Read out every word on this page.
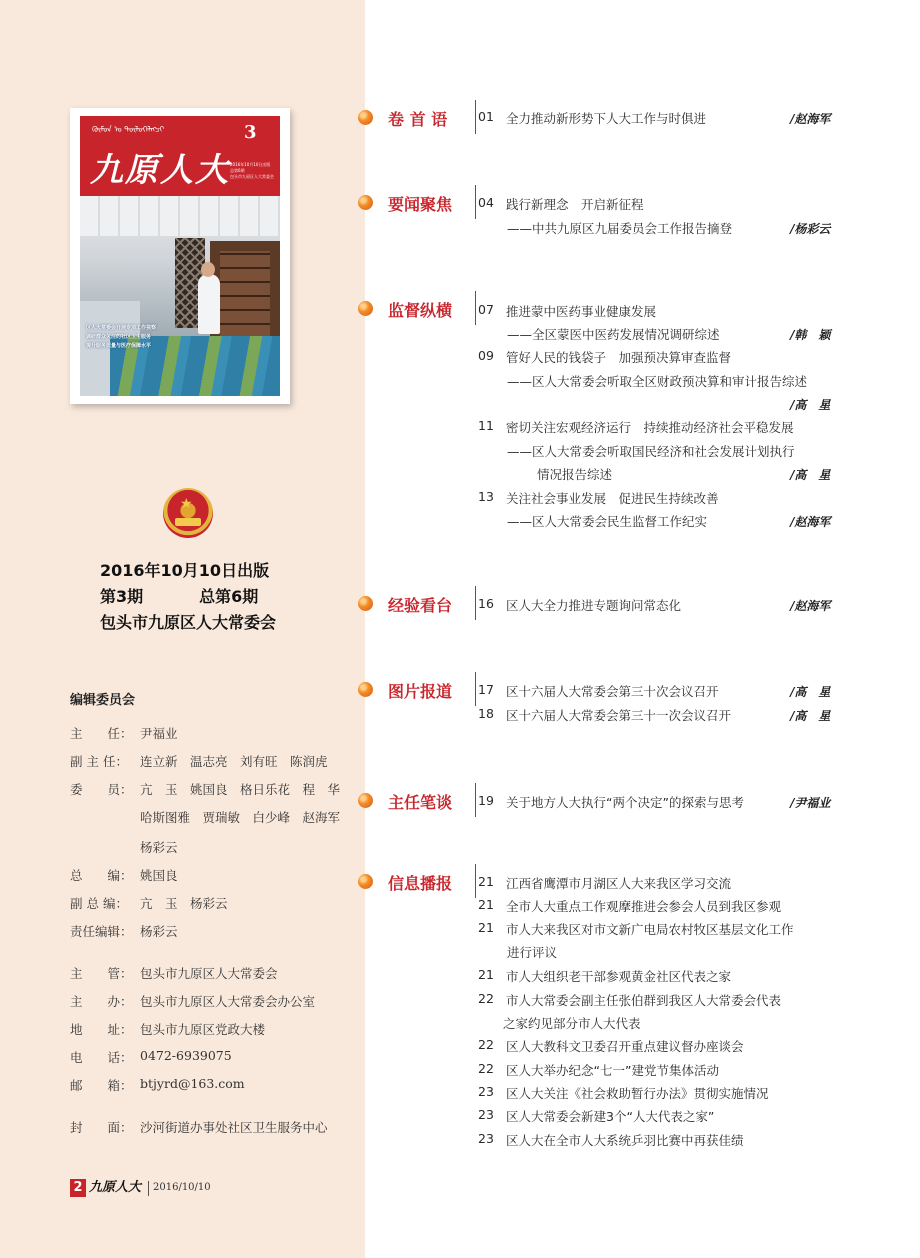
ᠬᠦᠮᠦᠨ ᠤ ᠲᠥᠯᠦᠭᠡᠯᠡᠭᠴᠢ
九原人大
3
2016年10月10日出版
总第6期
包头市九原区人大常委会
区人大常委会开展专项工作视察
调研群众关注的社区卫生服务
提升服务质量与医疗保障水平
★
2016年10月10日出版
第3期	总第6期
包头市九原区人大常委会
编辑委员会
主　　任： 尹福业
副 主 任： 连立新　温志亮　刘有旺　陈润虎
委　　员： 亢　玉　姚国良　格日乐花　程　华
哈斯图雅　贾瑞敏　白少峰　赵海军
杨彩云
总　　编： 姚国良
副 总 编： 亢　玉　杨彩云
责任编辑： 杨彩云
主　　管： 包头市九原区人大常委会
主　　办： 包头市九原区人大常委会办公室
地　　址： 包头市九原区党政大楼
电　　话： 0472-6939075
邮　　箱： btjyrd@163.com
封　　面： 沙河街道办事处社区卫生服务中心
2 九原人大 2016/10/10
卷 首 语 01 全力推动新形势下人大工作与时俱进	/赵海军
要闻聚焦 04 践行新理念　开启新征程
——中共九原区九届委员会工作报告摘登	/杨彩云
监督纵横 07 推进蒙中医药事业健康发展
——全区蒙医中医药发展情况调研综述	/韩　颖
09 管好人民的钱袋子　加强预决算审查监督
——区人大常委会听取全区财政预决算和审计报告综述
/高　星
11 密切关注宏观经济运行　持续推动经济社会平稳发展
——区人大常委会听取国民经济和社会发展计划执行
情况报告综述	/高　星
13 关注社会事业发展　促进民生持续改善
——区人大常委会民生监督工作纪实	/赵海军
经验看台 16 区人大全力推进专题询问常态化	/赵海军
图片报道 17 区十六届人大常委会第三十次会议召开	/高　星
18 区十六届人大常委会第三十一次会议召开	/高　星
主任笔谈 19 关于地方人大执行“两个决定”的探索与思考	/尹福业
信息播报 21 江西省鹰潭市月湖区人大来我区学习交流
21 全市人大重点工作观摩推进会参会人员到我区参观
21 市人大来我区对市文新广电局农村牧区基层文化工作
进行评议
21 市人大组织老干部参观黄金社区代表之家
22 市人大常委会副主任张伯群到我区人大常委会代表
之家约见部分市人大代表
22 区人大教科文卫委召开重点建议督办座谈会
22 区人大举办纪念“七一”建党节集体活动
23 区人大关注《社会救助暂行办法》贯彻实施情况
23 区人大常委会新建3个“人大代表之家”
23 区人大在全市人大系统乒羽比赛中再获佳绩
